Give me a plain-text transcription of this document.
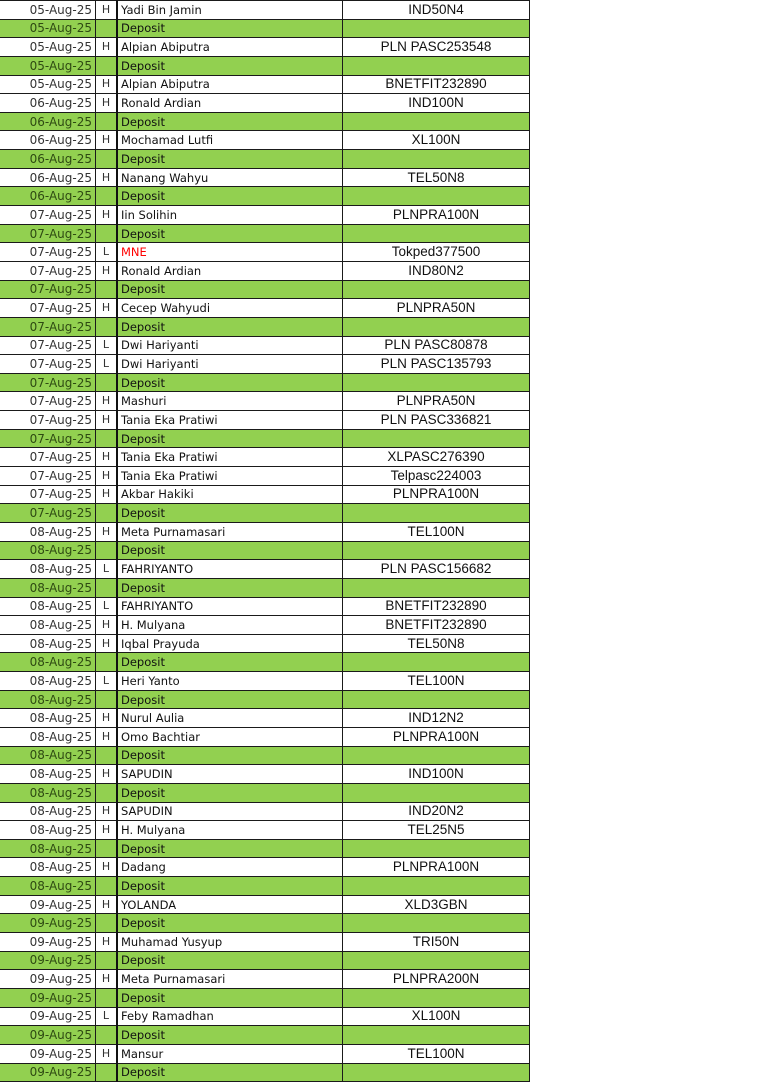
05-Aug-25	H	Yadi Bin Jamin	IND50N4
05-Aug-25		Deposit	
05-Aug-25	H	Alpian Abiputra	PLN PASC253548
05-Aug-25		Deposit	
05-Aug-25	H	Alpian Abiputra	BNETFIT232890
06-Aug-25	H	Ronald Ardian	IND100N
06-Aug-25		Deposit	
06-Aug-25	H	Mochamad Lutfi	XL100N
06-Aug-25		Deposit	
06-Aug-25	H	Nanang Wahyu	TEL50N8
06-Aug-25		Deposit	
07-Aug-25	H	Iin Solihin	PLNPRA100N
07-Aug-25		Deposit	
07-Aug-25	L	MNE	Tokped377500
07-Aug-25	H	Ronald Ardian	IND80N2
07-Aug-25		Deposit	
07-Aug-25	H	Cecep Wahyudi	PLNPRA50N
07-Aug-25		Deposit	
07-Aug-25	L	Dwi Hariyanti	PLN PASC80878
07-Aug-25	L	Dwi Hariyanti	PLN PASC135793
07-Aug-25		Deposit	
07-Aug-25	H	Mashuri	PLNPRA50N
07-Aug-25	H	Tania Eka Pratiwi	PLN PASC336821
07-Aug-25		Deposit	
07-Aug-25	H	Tania Eka Pratiwi	XLPASC276390
07-Aug-25	H	Tania Eka Pratiwi	Telpasc224003
07-Aug-25	H	Akbar Hakiki	PLNPRA100N
07-Aug-25		Deposit	
08-Aug-25	H	Meta Purnamasari	TEL100N
08-Aug-25		Deposit	
08-Aug-25	L	FAHRIYANTO	PLN PASC156682
08-Aug-25		Deposit	
08-Aug-25	L	FAHRIYANTO	BNETFIT232890
08-Aug-25	H	H. Mulyana	BNETFIT232890
08-Aug-25	H	Iqbal Prayuda	TEL50N8
08-Aug-25		Deposit	
08-Aug-25	L	Heri Yanto	TEL100N
08-Aug-25		Deposit	
08-Aug-25	H	Nurul Aulia	IND12N2
08-Aug-25	H	Omo Bachtiar	PLNPRA100N
08-Aug-25		Deposit	
08-Aug-25	H	SAPUDIN	IND100N
08-Aug-25		Deposit	
08-Aug-25	H	SAPUDIN	IND20N2
08-Aug-25	H	H. Mulyana	TEL25N5
08-Aug-25		Deposit	
08-Aug-25	H	Dadang	PLNPRA100N
08-Aug-25		Deposit	
09-Aug-25	H	YOLANDA	XLD3GBN
09-Aug-25		Deposit	
09-Aug-25	H	Muhamad Yusyup	TRI50N
09-Aug-25		Deposit	
09-Aug-25	H	Meta Purnamasari	PLNPRA200N
09-Aug-25		Deposit	
09-Aug-25	L	Feby Ramadhan	XL100N
09-Aug-25		Deposit	
09-Aug-25	H	Mansur	TEL100N
09-Aug-25		Deposit	
